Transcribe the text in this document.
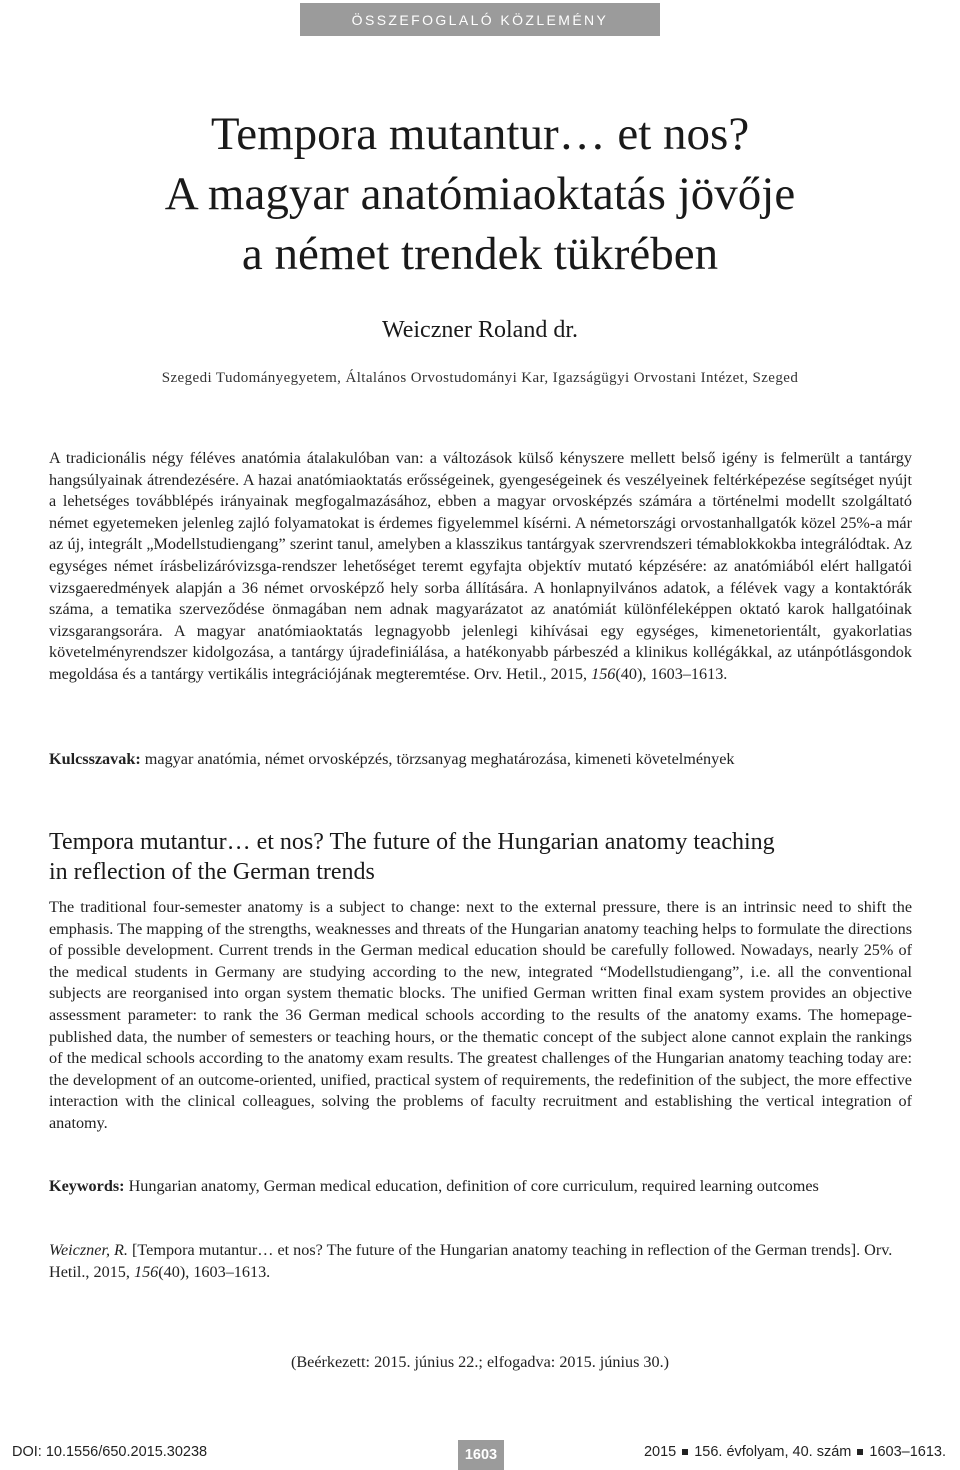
ÖSSZEFOGLALÓ KÖZLEMÉNY
Tempora mutantur… et nos?
A magyar anatómiaoktatás jövője
a német trendek tükrében
Weiczner Roland dr.
Szegedi Tudományegyetem, Általános Orvostudományi Kar, Igazságügyi Orvostani Intézet, Szeged
A tradicionális négy féléves anatómia átalakulóban van: a változások külső kényszere mellett belső igény is felmerült a tantárgy hangsúlyainak átrendezésére. A hazai anatómiaoktatás erősségeinek, gyengeségeinek és veszélyeinek feltérképezése segítséget nyújt a lehetséges továbblépés irányainak megfogalmazásához, ebben a magyar orvosképzés számára a történelmi modellt szolgáltató német egyetemeken jelenleg zajló folyamatokat is érdemes figyelemmel kísérni. A németországi orvostanhallgatók közel 25%-a már az új, integrált „Modellstudiengang” szerint tanul, amelyben a klasszikus tantárgyak szervrendszeri témablokkokba integrálódtak. Az egységes német írásbelizáróvizsga-rendszer lehetőséget teremt egyfajta objektív mutató képzésére: az anatómiából elért hallgatói vizsgaeredmények alapján a 36 német orvosképző hely sorba állítására. A honlapnyilvános adatok, a félévek vagy a kontaktórák száma, a tematika szerveződése önmagában nem adnak magyarázatot az anatómiát különféleképpen oktató karok hallgatóinak vizsgarangsorára. A magyar anatómiaoktatás legnagyobb jelenlegi kihívásai egy egységes, kimenetorientált, gyakorlatias követelményrendszer kidolgozása, a tantárgy újradefiniálása, a hatékonyabb párbeszéd a klinikus kollégákkal, az utánpótlásgondok megoldása és a tantárgy vertikális integrációjának megteremtése. Orv. Hetil., 2015, 156(40), 1603–1613.
Kulcsszavak: magyar anatómia, német orvosképzés, törzsanyag meghatározása, kimeneti követelmények
Tempora mutantur… et nos? The future of the Hungarian anatomy teaching
in reflection of the German trends
The traditional four-semester anatomy is a subject to change: next to the external pressure, there is an intrinsic need to shift the emphasis. The mapping of the strengths, weaknesses and threats of the Hungarian anatomy teaching helps to formulate the directions of possible development. Current trends in the German medical education should be carefully followed. Nowadays, nearly 25% of the medical students in Germany are studying according to the new, integrated “Modellstudiengang”, i.e. all the conventional subjects are reorganised into organ system thematic blocks. The unified German written final exam system provides an objective assessment parameter: to rank the 36 German medical schools according to the results of the anatomy exams. The homepage-published data, the number of semesters or teaching hours, or the thematic concept of the subject alone cannot explain the rankings of the medical schools according to the anatomy exam results. The greatest challenges of the Hungarian anatomy teaching today are: the development of an outcome-oriented, unified, practical system of requirements, the redefinition of the subject, the more effective interaction with the clinical colleagues, solving the problems of faculty recruitment and establishing the vertical integration of anatomy.
Keywords: Hungarian anatomy, German medical education, definition of core curriculum, required learning outcomes
Weiczner, R. [Tempora mutantur… et nos? The future of the Hungarian anatomy teaching in reflection of the German trends]. Orv. Hetil., 2015, 156(40), 1603–1613.
(Beérkezett: 2015. június 22.; elfogadva: 2015. június 30.)
DOI: 10.1556/650.2015.30238	1603	2015 156. évfolyam, 40. szám 1603–1613.
